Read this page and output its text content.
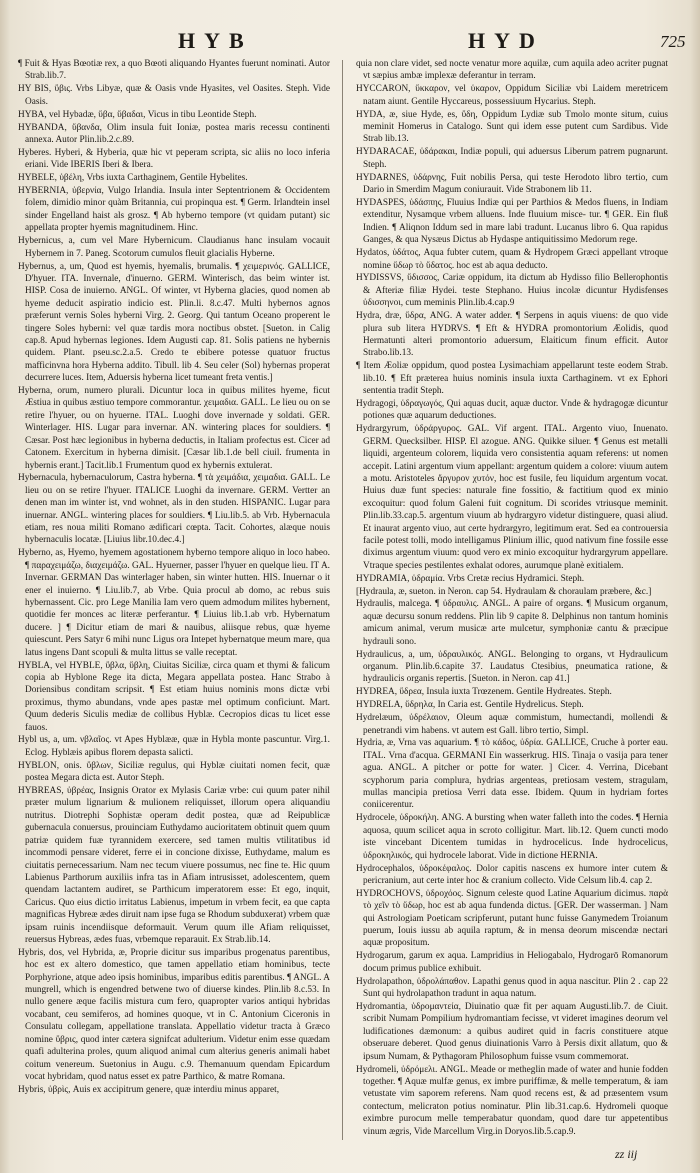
HYB	HYD	725

¶ Fuit & Hyas Bœotiæ rex, a quo Bœoti aliquando Hyantes fuerunt nominati. Autor Strab.lib.7.

HY BIS, ὕβις. Vrbs Libyæ, quæ & Oasis vnde Hyasites, vel Oasites. Steph. Vide Oasis.

HYBA, vel Hybadæ, ὕβα, ὕβαδαι, Vicus in tibu Leontide Steph.

HYBANDA, ὕβανδα, Olim insula fuit Ioniæ, postea maris recessu continenti annexa. Autor Plin.lib.2.c.89.

Hyberes. Hyberi, & Hyberia, quæ hic vt peperam scripta, sic aliis no loco inferia eriani. Vide IBERIS Iberi & Ibera.

HYBELE, ὑβέλη, Vrbs iuxta Carthaginem, Gentile Hybelites.

HYBERNIA, ὑβερνία, Vulgo Irlandia. Insula inter Septentrionem & Occidentem folem, dimidio minor quàm Britannia, cui propinqua est. ¶ Germ. Irlandtein insel sinder Engelland haist als grosz. ¶ Ab hyberno tempore (vt quidam putant) sic appellata propter hyemis magnitudinem. Hinc.

Hybernicus, a, cum vel Mare Hybernicum. Claudianus hanc insulam vocauit Hybernem in 7. Paneg. Scotorum cumulos fleuit glacialis Hyberne.

Hybernus, a, um, Quod est hyemis, hyemalis, brumalis. ¶ χειμερινός. GALLICE, D'hyuer. ITA. Invernale, d'inuerno. GERM. Winterisch, das beim winter ist. HISP. Cosa de inuierno. ANGL. Of winter, vt Hyberna glacies, quod nomen ab hyeme deducit aspiratio indicio est. Plin.li. 8.c.47. Multi hybernos agnos præferunt vernis Soles hyberni Virg. 2. Georg. Qui tantum Oceano properent le tingere Soles hyberni: vel quæ tardis mora noctibus obstet. [Sueton. in Calig cap.8. Apud hybernas legiones. Idem Augusti cap. 81. Solis patiens ne hybernis quidem. Plant. pseu.sc.2.a.5. Credo te ebibere potesse quatuor fructus mafficinvna hora Hyberna addito. Tibull. lib 4. Seu celer (Sol) hybernas properat decurrere luces. Item, Aduersis hyberna licet tumeant freta ventis.]

Hyberna, orum, numero plurali. Dicuntur loca in quibus milites hyeme, ficut Æstiua in quibus æstiuo tempore commorantur. χειμαδια. GALL. Le lieu ou on se retire l'hyuer, ou on hyuerne. ITAL. Luoghi dove invernade y soldati. GER. Winterlager. HIS. Lugar para invernar. AN. wintering places for souldiers. ¶ Cæsar. Post hæc legionibus in hyberna deductis, in Italiam profectus est. Cicer ad Catonem. Exercitum in hyberna dimisit. [Cæsar lib.1.de bell ciuil. frumenta in hybernis erant.] Tacit.lib.1 Frumentum quod ex hybernis extulerat.

Hybernacula, hybernaculorum, Castra hyberna. ¶ τὰ χειμάδια, χειμαδια. GALL. Le lieu ou on se retire l'hyuer. ITALICE Luoghi da invernare. GERM. Vertter an denen man im winter ist, vnd wohnet, als in den studen. HISPANIC. Lugar para inuernar. ANGL. wintering places for souldiers. ¶ Liu.lib.5. ab Vrb. Hybernacula etiam, res noua militi Romano ædificari cœpta. Tacit. Cohortes, alæque nouis hybernaculis locatæ. [Liuius libr.10.dec.4.]

Hyberno, as, Hyemo, hyemem agostationem hyberno tempore aliquo in loco habeo. ¶ παραχειμάζω, διαχειμάζω. GAL. Hyuerner, passer l'hyuer en quelque lieu. IT A. Invernar. GERMAN Das winterlager haben, sin winter hutten. HIS. Inuernar o it ener el inuierno. ¶ Liu.lib.7, ab Vrbe. Quia procul ab domo, ac rebus suis hybernassent. Cic. pro Lege Manilia Iam vero quem admodum milites hybernent, quotidie fer monces ac literæ perferantur. ¶ Liuius lib.1.ab vrb. Hybernatum ducere. ] ¶ Dicitur etiam de mari & nauibus, aliisque rebus, quæ hyeme quiescunt. Pers Satyr 6 mihi nunc Ligus ora Intepet hybernatque meum mare, qua latus ingens Dant scopuli & multa littus se valle receptat.

HYBLA, vel HYBLE, ὕβλα, ὕβλη, Ciuitas Siciliæ, circa quam et thymi & falicum copia ab Hyblone Rege ita dicta, Megara appellata postea. Hanc Strabo à Doriensibus conditam scripsit. ¶ Est etiam huius nominis mons dictæ vrbi proximus, thymo abundans, vnde apes pastæ mel optimum conficiunt. Mart. Quum dederis Siculis mediæ de collibus Hyblæ. Cecropios dicas tu licet esse fauos.

Hybl us, a, um. νβλαῖος. vt Apes Hyblææ, quæ in Hybla monte pascuntur. Virg.1. Eclog. Hyblæis apibus florem depasta salicti.

HYBLON, onis. ὕβλων, Siciliæ regulus, qui Hyblæ ciuitati nomen fecit, quæ postea Megara dicta est. Autor Steph.

HYBREAS, ὑβρέας, Insignis Orator ex Mylasis Cariæ vrbe: cui quum pater nihil præter mulum lignarium & mulionem reliquisset, illorum opera aliquandiu nutritus. Diotrephi Sophistæ operam dedit postea, quæ ad Reipublicæ gubernacula conuersus, prouinciam Euthydamo aucioritatem obtinuit quem quum patriæ quidem fuæ tyrannidem exercere, sed tamen multis vtilitatibus id incommodi pensare videret, ferre ei in concione dixisse, Euthydame, malum es ciuitatis pernecessarium. Nam nec tecum viuere possumus, nec fine te. Hic quum Labienus Parthorum auxiliis infra tas in Afiam intrusisset, adolescentem, quem quendam lactantem audiret, se Parthicum imperatorem esse: Et ego, inquit, Caricus. Quo eius dictio irritatus Labienus, impetum in vrbem fecit, ea que capta magnificas Hybreæ ædes diruit nam ipse fuga se Rhodum subduxerat) vrbem quæ ipsam ruinis incendiisque deformauit. Verum quum ille Afiam reliquisset, reuersus Hybreas, ædes fuas, vrbemque reparauit. Ex Strab.lib.14.

Hybris, dos, vel Hybrida, æ, Proprie dicitur sus imparibus progenatus parentibus, hoc est ex altero domestico, que tamen appellatio etiam hominibus, tecte Porphyrione, atque adeo ipsis hominibus, imparibus editis parentibus. ¶ ANGL. A mungrell, which is engendred betwene two of diuerse kindes. Plin.lib 8.c.53. In nullo genere æque facilis mistura cum fero, quapropter varios antiqui hybridas vocabant, ceu semiferos, ad homines quoque, vt in C. Antonium Ciceronis in Consulatu collegam, appellatione translata. Appellatio videtur tracta à Græco nomine ὕβρις, quod inter cætera signifcat adulterium. Videtur enim esse quædam quafi adulterina proles, quum aliquod animal cum alterius generis animali habet coitum venereum. Suetonius in Augu. c.9. Themanuum quendam Epicardum vocat hybridam, quod natus esset ex patre Parthico, & matre Romana.

Hybris, ὑβρὶς, Auis ex accipitrum genere, quæ interdiu minus apparet,

quia non clare videt, sed nocte venatur more aquilæ, cum aquila adeo acriter pugnat vt sæpius ambæ implexæ deferantur in terram.

HYCCARON, ὕκκαρον, vel ὑκαρον, Oppidum Siciliæ vbi Laidem meretricem natam aiunt. Gentile Hyccareus, possessiuum Hycarius. Steph.

HYDA, æ, siue Hyde, es, ὕδη, Oppidum Lydiæ sub Tmolo monte situm, cuius meminit Homerus in Catalogo. Sunt qui idem esse putent cum Sardibus. Vide Strab lib.13.

HYDARACAE, ὑδάρακαι, Indiæ populi, qui aduersus Liberum patrem pugnarunt. Steph.

HYDARNES, ὑδάρνης, Fuit nobilis Persa, qui teste Herodoto libro tertio, cum Dario in Smerdim Magum coniurauit. Vide Strabonem lib 11.

HYDASPES, ὑδάσπης, Fluuius Indiæ qui per Parthios & Medos fluens, in Indiam extenditur, Nysamque vrbem alluens. Inde fluuium misce- tur. ¶ GER. Ein fluß Indien. ¶ Aliqnon Iddum sed in mare labi tradunt. Lucanus libro 6. Qua rapidus Ganges, & qua Nysæus Dictus ab Hydaspe antiquitissimo Medorum rege.

Hydatos, ὑδάτος, Aqua fubter cutem, quam & Hydropem Græci appellant vtroque nomine ὕδωρ τὸ ὕδατος. hoc est ab aqua deducto.

HYDISSVS, ὕδισσος, Cariæ oppidum, ita dictum ab Hydisso filio Bellerophontis & Afteriæ filiæ Hydei. teste Stephano. Huius incolæ dicuntur Hydisfenses ὑδισσηνοι, cum meminis Plin.lib.4.cap.9

Hydra, dræ, ὕδρα, ANG. A water adder. ¶ Serpens in aquis viuens: de quo vide plura sub litera HYDRVS. ¶ Eft & HYDRA promontorium Æolidis, quod Hermatunti alteri promontorio aduersum, Elaiticum finum efficit. Autor Strabo.lib.13.

¶ Item Æoliæ oppidum, quod postea Lysimachiam appellarunt teste eodem Strab. lib.10. ¶ Eft præterea huius nominis insula iuxta Carthaginem. vt ex Ephori sententia tradit Steph.

Hydragogi, ὑδραγωγός, Qui aquas ducit, aquæ ductor. Vnde & hydragogæ dicuntur potiones quæ aquarum deductiones.

Hydrargyrum, ὑδράργυρος. GAL. Vif argent. ITAL. Argento viuo, Inuenato. GERM. Quecksilber. HISP. El azogue. ANG. Quikke siluer. ¶ Genus est metalli liquidi, argenteum colorem, liquida vero consistentia aquam referens: ut nomen accepit. Latini argentum vium appellant: argentum quidem a colore: viuum autem a motu. Aristoteles ἄργυρον χυτόν, hoc est fusile, feu liquidum argentum vocat. Huius duæ funt species: naturale fine fossitio, & factitium quod ex minio excoquitur: quod folum Galeni fuit cognitum. Di scorides vtriusque meminit. Plin.lib.33.cap.5. argentum viuum ab hydrargyro videtur distinguere, quasi aliud. Et inaurat argento viuo, aut certe hydrargyro, legitimum erat. Sed ea controuersia facile potest tolli, modo intelligamus Plinium illic, quod nativum fine fossile esse diximus argentum viuum: quod vero ex minio excoquitur hydrargyrum appellare. Vtraque species pestilentes exhalat odores, aurumque planè exitialem.

HYDRAMIA, ὑδραμία. Vrbs Cretæ recius Hydramici. Steph.

[Hydraula, æ, sueton. in Neron. cap 54. Hydraulam & choraulam præbere, &c.]

Hydraulis, malcega. ¶ ὑδραυλις. ANGL. A paire of organs. ¶ Musicum organum, aquæ decursu sonum reddens. Plin lib 9 capite 8. Delphinus non tantum hominis amicum animal, verum musicæ arte mulcetur, symphoniæ cantu & præcipue hydrauli sono.

Hydraulicus, a, um, ὑδραυλικός. ANGL. Belonging to organs, vt Hydraulicum organum. Plin.lib.6.capite 37. Laudatus Ctesibius, pneumatica ratione, & hydraulicis organis repertis. [Sueton. in Neron. cap 41.]

HYDREA, ὕδρεα, Insula iuxta Trœzenem. Gentile Hydreates. Steph.

HYDRELA, ὕδρηλα, In Caria est. Gentile Hydrelicus. Steph.

Hydrelæum, ὑδρέλαιον, Oleum aquæ commistum, humectandi, mollendi & penetrandi vim habens. vt autem est Gall. libro tertio, Simpl.

Hydria, æ, Vrna vas aquarium. ¶ τὸ κάδος, ὑδρία. GALLICE, Cruche à porter eau. ITAL. Vrna d'acqua. GERMANI Ein wasserkrug. HIS. Tinaja o vasija para tener agua. ANGL. A pitcher or potte for water. ] Cicer. 4. Verrina, Dicebant scyphorum paria complura, hydrias argenteas, pretiosam vestem, stragulam, mullas mancipia pretiosa Verri data esse. Ibidem. Quum in hydriam fortes coniicerentur.

Hydrocele, ὑδροκήλη. ANG. A bursting when water falleth into the codes. ¶ Hernia aquosa, quum scilicet aqua in scroto colligitur. Mart. lib.12. Quem cuncti modo iste vincebant Dicentem tumidas in hydrocelicus. Inde hydrocelicus, ὑδροκηλικός, qui hydrocele laborat. Vide in dictione HERNIA.

Hydrocephalos, ὑδροκέφαλος. Dolor capitis nascens ex humore inter cutem & pericranium, aut certe inter hoc & cranium collecto. Vide Celsum lib.4. cap 2.

HYDROCHOVS, ὑδροχόος. Signum celeste quod Latine Aquarium dicimus. παρὰ τὸ χεῖν τὸ ὕδωρ, hoc est ab aqua fundenda dictus. [GER. Der wasserman. ] Nam qui Astrologiam Poeticam scripferunt, putant hunc fuisse Ganymedem Troianum puerum, Iouis iussu ab aquila raptum, & in mensa deorum miscendæ nectari aquæ propositum.

Hydrogarum, garum ex aqua. Lampridius in Heliogabalo, Hydrogarō Romanorum docum primus publice exhibuit.

Hydrolapathon, ὑδρολάπαθον. Lapathi genus quod in aqua nascitur. Plin 2 . cap 22 Sunt qui hydrolapathon tradunt in aqua natum.

Hydromantia, ὑδρομαντεία, Diuinatio quæ fit per aquam Augusti.lib.7. de Ciuit. scribit Numam Pompilium hydromantiam fecisse, vt videret imagines deorum vel ludificationes dæmonum: a quibus audiret quid in facris constituere atque obseruare deberet. Quod genus diuinationis Varro à Persis dixit allatum, quo & ipsum Numam, & Pythagoram Philosophum fuisse vsum commemorat.

Hydromeli, ὑδρόμελι. ANGL. Meade or metheglin made of water and hunie fodden together. ¶ Aquæ mulfæ genus, ex imbre puriffimæ, & melle temperatum, & iam vetustate vim saporem referens. Nam quod recens est, & ad præsentem vsum contectum, melicraton potius nominatur. Plin lib.31.cap.6. Hydromeli quoque eximbre purocum melle temperabatur quondam, quod dare tur appetentibus vinum ægris, Vide Marcellum Virg.in Doryos.lib.5.cap.9.

zz iij
